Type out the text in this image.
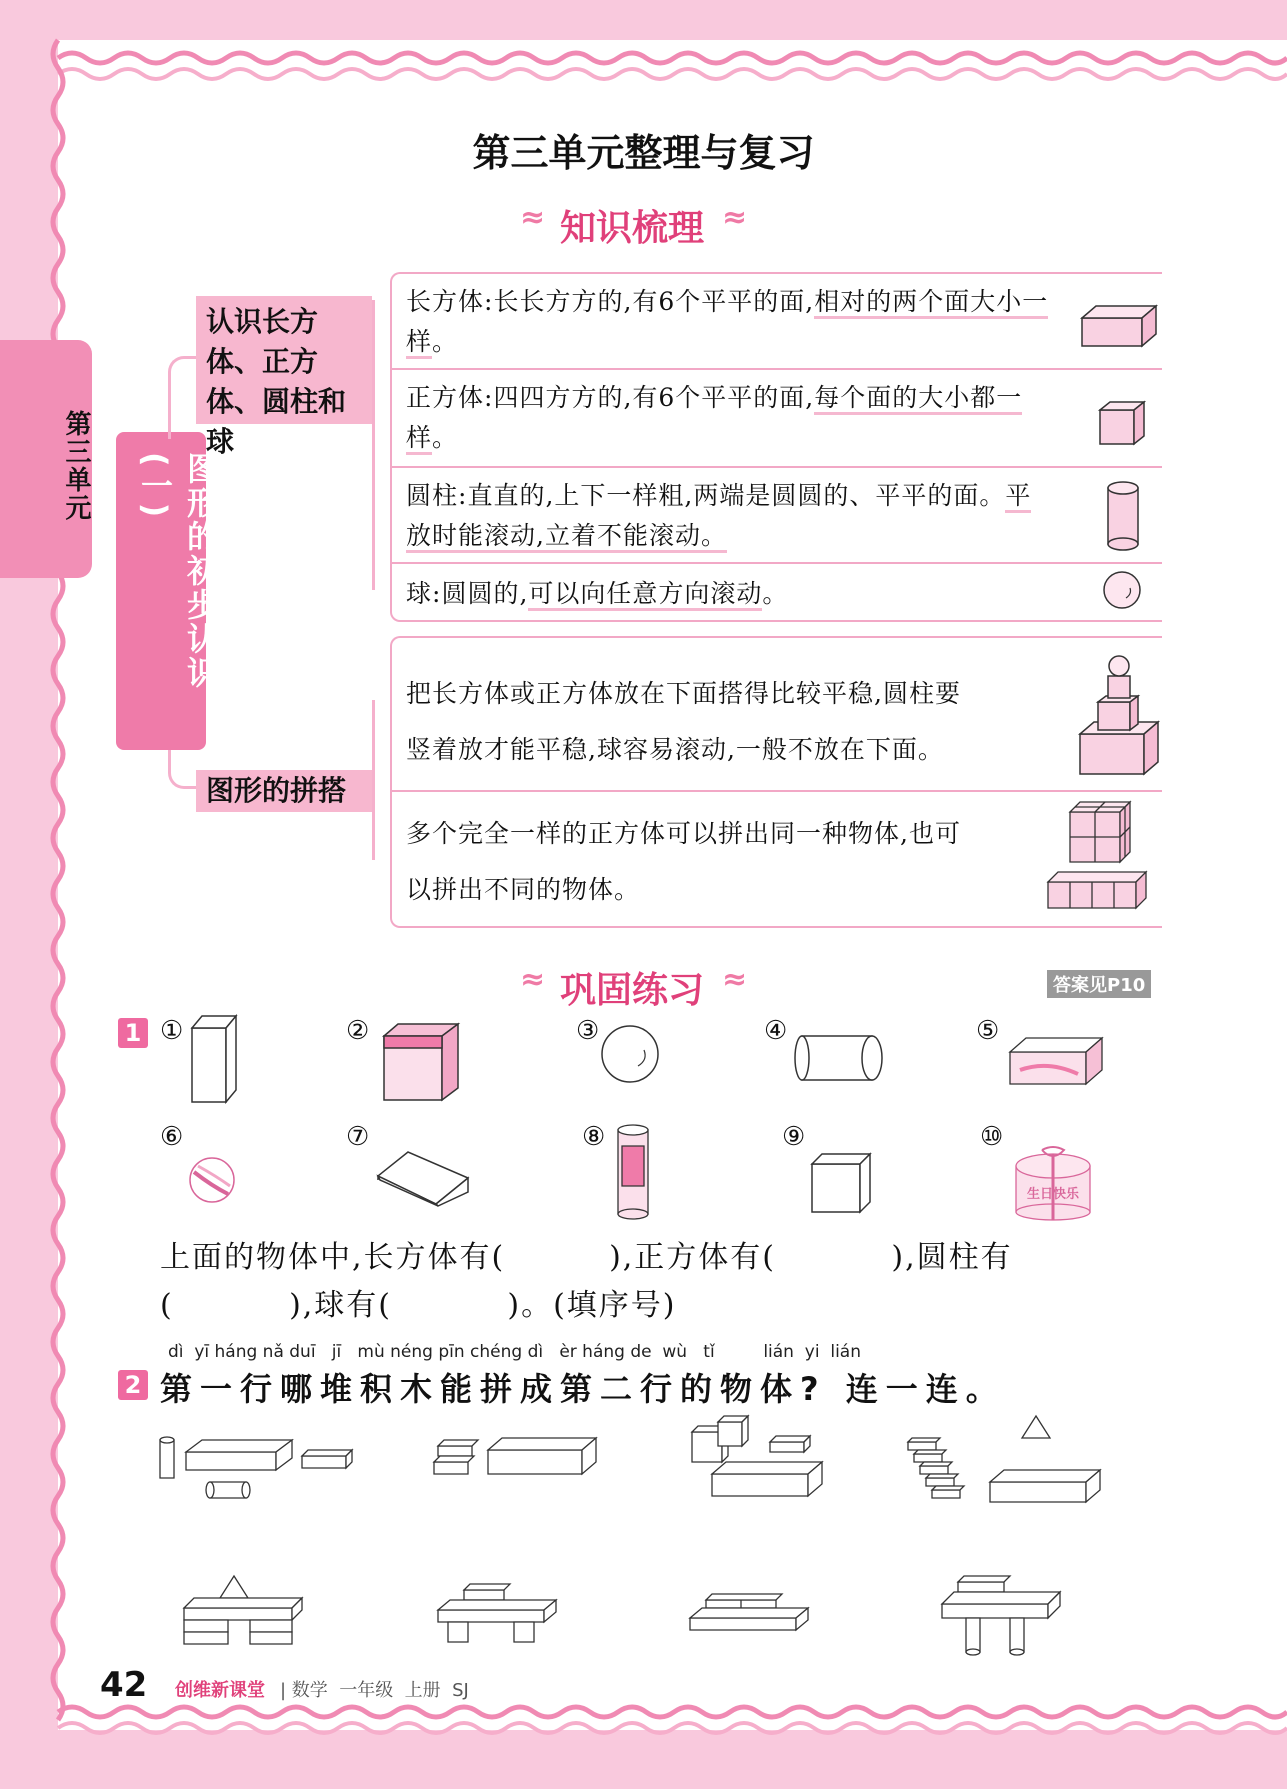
第三单元
第三单元整理与复习
≈ 知识梳理 ≈
图形的初步认识(一)
认识长方体、正方体、圆柱和球
图形的拼搭
长方体:长长方方的,有6个平平的面,相对的两个面大小一样。
正方体:四四方方的,有6个平平的面,每个面的大小都一样。
圆柱:直直的,上下一样粗,两端是圆圆的、平平的面。平放时能滚动,立着不能滚动。
球:圆圆的,可以向任意方向滚动。
把长方体或正方体放在下面搭得比较平稳,圆柱要
竖着放才能平稳,球容易滚动,一般不放在下面。
多个完全一样的正方体可以拼出同一种物体,也可
以拼出不同的物体。
≈ 巩固练习 ≈	答案见P10
1 ①	②	③	④	⑤
⑥	⑦	⑧	⑨	⑩
生日快乐
上面的物体中,长方体有(         ),正方体有(          ),圆柱有
(          ),球有(          )。(填序号)
dì  yī háng nǎ duī   jī   mù néng pīn chéng dì   èr háng de  wù   tǐ         lián  yi  lián
2 第一行哪堆积木能拼成第二行的物体? 连一连。
42 创维新课堂 | 数学  一年级  上册  SJ
